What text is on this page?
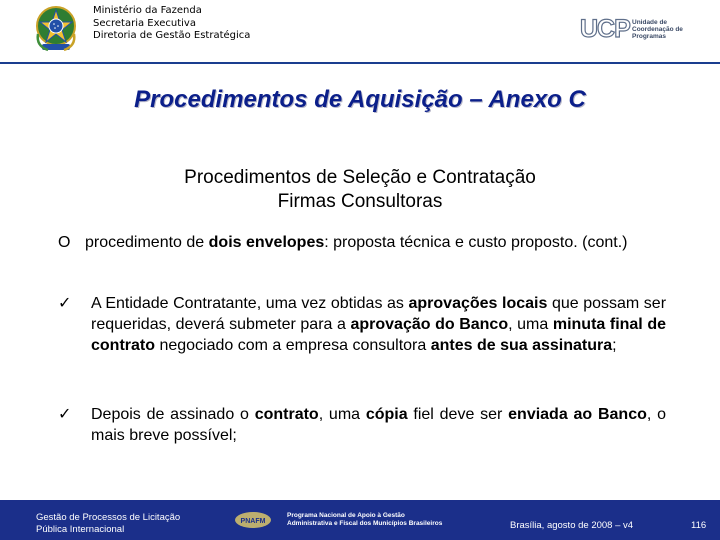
Ministério da Fazenda
Secretaria Executiva
Diretoria de Gestão Estratégica	UCP Unidade de
Coordenação de
Programas
Procedimentos de Aquisição – Anexo C
Procedimentos de Seleção e Contratação
Firmas Consultoras
O procedimento de dois envelopes: proposta técnica e custo proposto. (cont.)
✓	A Entidade Contratante, uma vez obtidas as aprovações locais que possam ser requeridas, deverá submeter para a aprovação do Banco, uma minuta final de contrato negociado com a empresa consultora antes de sua assinatura;
✓	Depois de assinado o contrato, uma cópia fiel deve ser enviada ao Banco, o mais breve possível;
Gestão de Processos de Licitação
Pública Internacional
PNAFM
Programa Nacional de Apoio à Gestão
Administrativa e Fiscal dos Municípios Brasileiros	Brasília, agosto de 2008 – v4	116
